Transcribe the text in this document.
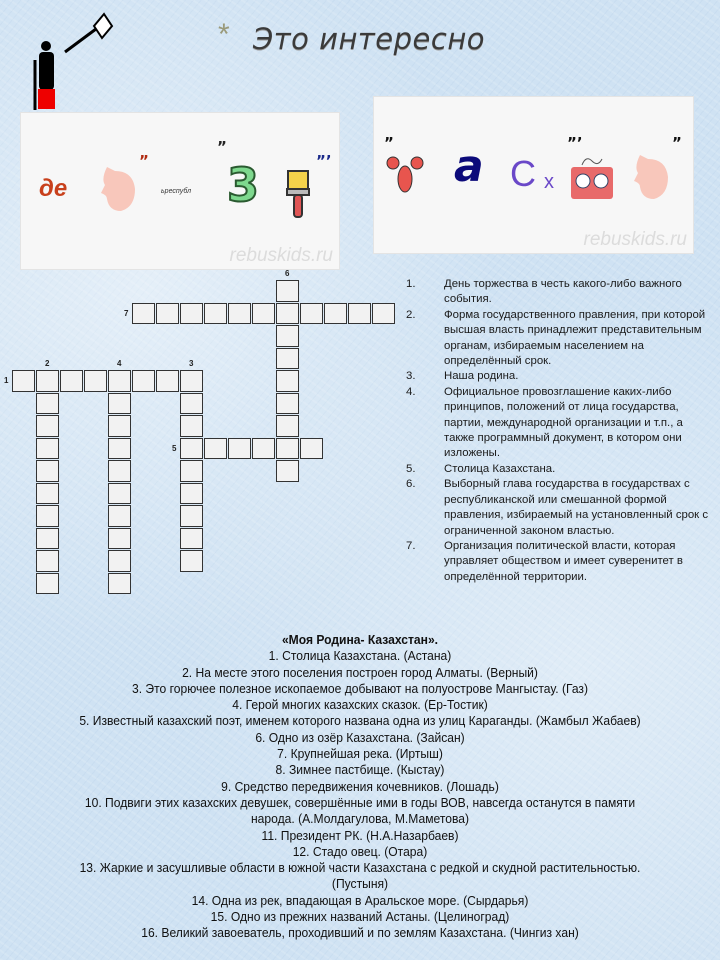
* Это интересно
де
”
ьреспубл
”
3	”’
rebuskids.ru
” a C x
”’	”
rebuskids.ru
1
2	3
4
5
6
7
1.	День торжества в честь какого-либо важного события.
2.	Форма государственного правления, при которой высшая власть принадлежит представительным органам, избираемым населением на определённый срок.
3.	Наша родина.
4.	Официальное провозглашение каких-либо принципов, положений от лица государства, партии, международной организации и т.п., а также программный документ, в котором они изложены.
5.	Столица Казахстана.
6.	Выборный глава государства в государствах с республиканской или смешанной формой правления, избираемый на установленный срок с ограниченной законом властью.
7.	Организация политической власти, которая управляет обществом и имеет суверенитет в определённой территории.
«Моя Родина- Казахстан».
1. Столица Казахстана. (Астана)
2. На месте этого поселения построен город Алматы. (Верный)
3. Это горючее полезное ископаемое добывают на полуострове Мангыстау. (Газ)
4. Герой многих казахских сказок. (Ер-Тостик)
5. Известный казахский поэт, именем которого названа одна из улиц Караганды. (Жамбыл Жабаев)
6. Одно из озёр Казахстана. (Зайсан)
7. Крупнейшая река. (Иртыш)
8. Зимнее пастбище. (Кыстау)
9. Средство передвижения кочевников. (Лошадь)
10. Подвиги этих казахских девушек, совершённые ими в годы ВОВ, навсегда останутся в памяти
народа. (А.Молдагулова, М.Маметова)
11. Президент РК. (Н.А.Назарбаев)
12. Стадо овец. (Отара)
13. Жаркие и засушливые области в южной части Казахстана с редкой и скудной растительностью.
(Пустыня)
14. Одна из рек, впадающая в Аральское море. (Сырдарья)
15. Одно из прежних названий Астаны. (Целиноград)
16. Великий завоеватель, проходивший и по землям Казахстана. (Чингиз хан)
